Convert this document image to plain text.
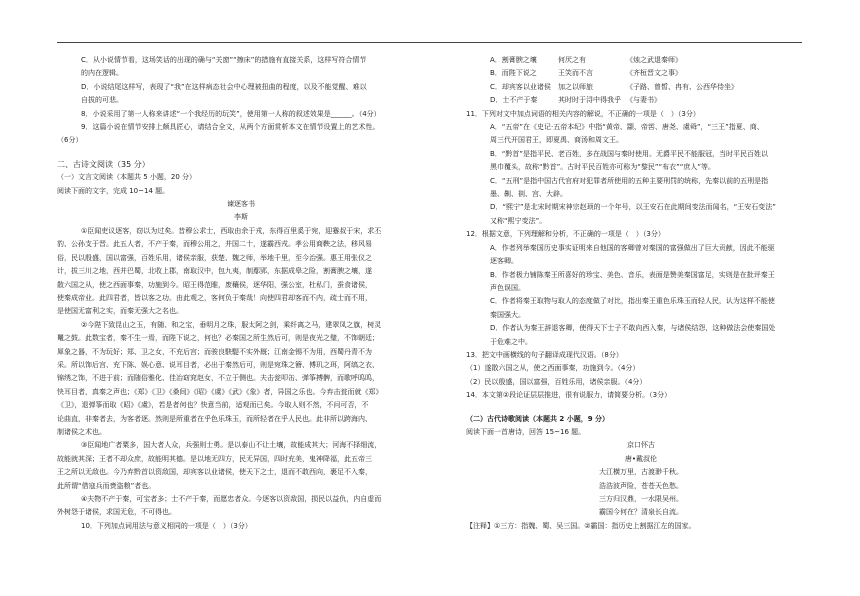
C．从小说情节看，这场笑话的出现的确与“关窗”“擦床”的措施有直接关系，这样写符合情节

的内在逻辑。

D．小说结尾这样写，表现了“我”在这样病态社会中心理被扭曲的程度，以及不能觉醒、难以

自拔的可悲。

8．小说采用了第一人称来讲述“一个我经历的玩笑”，使用第一人称的叙述效果是______。（4分）

9．这篇小说在情节安排上颇具匠心，请结合全文，从两个方面赏析本文在情节设置上的艺术性。

（6分）

二、古诗文阅读（35 分）

（一）文言文阅读（本题共 5 小题，20 分）

阅读下面的文字，完成 10~14 题。

谏逐客书

李斯

①臣闻吏议逐客，窃以为过矣。昔穆公求士，西取由余于戎，东得百里奚于宛，迎蹇叔于宋，求丕

豹、公孙支于晋。此五人者，不产于秦，而穆公用之，并国二十，遂霸西戎。孝公用商鞅之法，移风易

俗，民以殷盛，国以富强，百姓乐用，诸侯亲服，获楚、魏之师，举地千里，至今治强。惠王用张仪之

计，拔三川之地，西并巴蜀，北收上郡，南取汉中，包九夷，制鄢郢，东据成皋之险，割膏腴之壤，遂

散六国之从，使之西面事秦，功施到今。昭王得范睢，废穰侯，逐华阳，强公室，杜私门，蚕食诸侯，

使秦成帝业。此四君者，皆以客之功。由此观之，客何负于秦哉！向使四君却客而不内，疏士而不用，

是使国无富利之实，而秦无强大之名也。

②今陛下致昆山之玉，有随、和之宝，垂明月之珠，服太阿之剑，乘纤离之马，建翠凤之旗，树灵

鼍之鼓。此数宝者，秦不生一焉，而陛下说之，何也？必秦国之所生然后可，则是夜光之璧，不饰朝廷；

犀象之器，不为玩好；郑、卫之女，不充后宫；而骏良駃騠不实外厩；江南金锡不为用，西蜀丹青不为

采。所以饰后宫、充下陈、娱心意、说耳目者，必出于秦然后可，则是宛珠之簪、傅玑之珥，阿缟之衣、

锦绣之饰，不进于前；而随俗雅化、佳冶窈窕赵女，不立于侧也。夫击瓮叩缶、弹筝搏髀，而歌呼呜呜，

快耳目者，真秦之声也；《郑》《卫》《桑间》《昭》《虞》《武》《象》者，异国之乐也。今弃击瓮而就《郑》

《卫》，退弹筝而取《昭》《虞》，若是者何也？快意当前，适观而已矣。今取人则不然，不问可否，不

论曲直，非秦者去，为客者逐。然则是所重者在乎色乐珠玉，而所轻者在乎人民也。此非所以跨海内、

制诸侯之术也。

③臣闻地广者粟多，国大者人众，兵强则士勇。是以泰山不让土壤，故能成其大；河海不择细流，

故能就其深；王者不却众庶，故能明其德。是以地无四方，民无异国，四时充美，鬼神降福，此五帝三

王之所以无敌也。今乃弃黔首以资敌国，却宾客以业诸侯，使天下之士，退而不敢西向，裹足不入秦，

此所谓“借寇兵而赍盗粮”者也。

④夫物不产于秦，可宝者多；士不产于秦，而愿忠者众。今逐客以资敌国，损民以益仇，内自虚而

外树怨于诸侯，求国无危，不可得也。

10．下列加点词用法与意义相同的一项是（　）（3分）

A．割膏腴之壤	何厌之有	《烛之武退秦师》
B．而陛下说之	王笑而不言	《齐桓晋文之事》
C．却宾客以业诸侯	加之以师旅	《子路、曾皙、冉有、公西华侍坐》
D．士不产于秦	其时时于浔中得我乎 《与妻书》

11．下列对文中加点词语的相关内容的解说，不正确的一项是（　）（3分）

A．“五帝”在《史记·五帝本纪》中指“黄帝、颛、帝喾、唐尧、虞舜”，“三王”指夏、商、

周三代开国君王，即夏禹、商汤和周文王。

B．“黔首”是指平民、老百姓，多在战国与秦时使用。无爵平民不能服冠，当时平民百姓以

黑巾覆头，故称“黔首”。古时平民百姓亦可称为“黎民”“布衣”“庶人”等。

C．“五刑”是指中国古代官府对犯罪者所使用的五种主要刑罚的统称，先秦以前的五刑是指

墨、劓、剕、宫、大辟。

D．“熙宁”是北宋时期宋神宗赵顼的一个年号，以王安石在此期间变法而闻名，“王安石变法”

又称“熙宁变法”。

12．根据文意，下列理解和分析，不正确的一项是（　）（3分）

A．作者列举秦国历史事实证明来自他国的客卿曾对秦国的富强做出了巨大贡献，因此不能驱

逐客卿。

B．作者极力铺陈秦王所喜好的珍宝、美色、音乐，表面是赞美秦国富足，实则是在批评秦王

声色误国。

C．作者将秦王取物与取人的态度做了对比，指出秦王重色乐珠玉而轻人民，认为这样不能使

秦国强大。

D．作者认为秦王辞退客卿，使得天下士子不敢向西入秦，与诸侯结怨，这种做法会使秦国处

于危难之中。

13．把文中画横线的句子翻译成现代汉语。（8分）

（1）遂散六国之从，使之西面事秦，功施到今。（4分）

（2）民以殷盛，国以富强，百姓乐用，诸侯亲服。（4分）

14．本文第②段论证层层推进，很有说服力，请简要分析。（3分）

（二）古代诗歌阅读（本题共 2 小题，9 分）

阅读下面一首唐诗，回答 15~16 题。

京口怀古

唐•戴叔伦

大江横万里，古渡渺千秋。

浩浩波声险，苍苍天色愁。

三方归汉鼎，一水限吴州。

霸国今何在？清泉长自流。

【注释】①三方：指魏、蜀、吴三国。②霸国：指历史上割据江左的国家。
